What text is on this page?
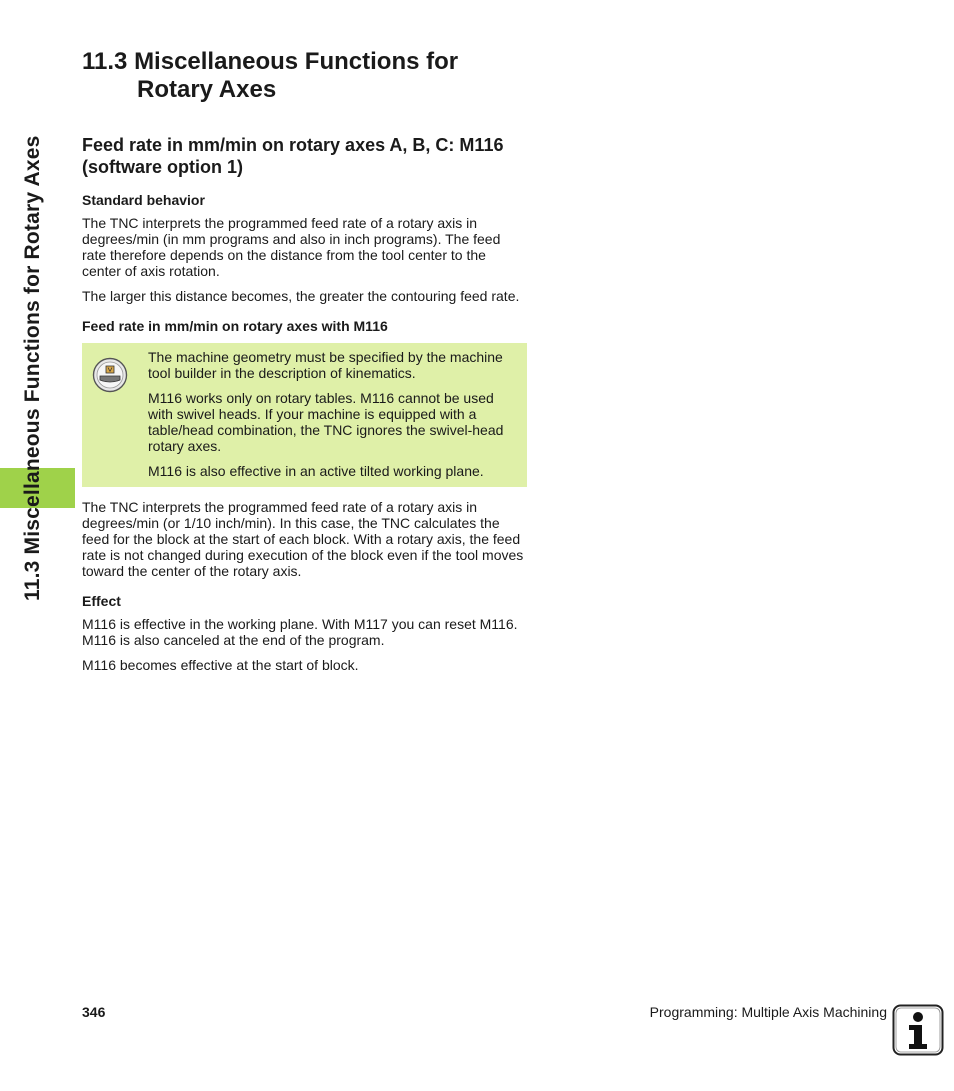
11.3 Miscellaneous Functions for Rotary Axes
11.3 Miscellaneous Functions for Rotary Axes
Feed rate in mm/min on rotary axes A, B, C: M116 (software option 1)
Standard behavior

The TNC interprets the programmed feed rate of a rotary axis in degrees/min (in mm programs and also in inch programs). The feed rate therefore depends on the distance from the tool center to the center of axis rotation.

The larger this distance becomes, the greater the contouring feed rate.

Feed rate in mm/min on rotary axes with M116

The machine geometry must be specified by the machine tool builder in the description of kinematics.

M116 works only on rotary tables. M116 cannot be used with swivel heads. If your machine is equipped with a table/head combination, the TNC ignores the swivel-head rotary axes.

M116 is also effective in an active tilted working plane.

The TNC interprets the programmed feed rate of a rotary axis in degrees/min (or 1/10 inch/min). In this case, the TNC calculates the feed for the block at the start of each block. With a rotary axis, the feed rate is not changed during execution of the block even if the tool moves toward the center of the rotary axis.

Effect

M116 is effective in the working plane. With M117 you can reset M116. M116 is also canceled at the end of the program.

M116 becomes effective at the start of block.

346	Programming: Multiple Axis Machining
